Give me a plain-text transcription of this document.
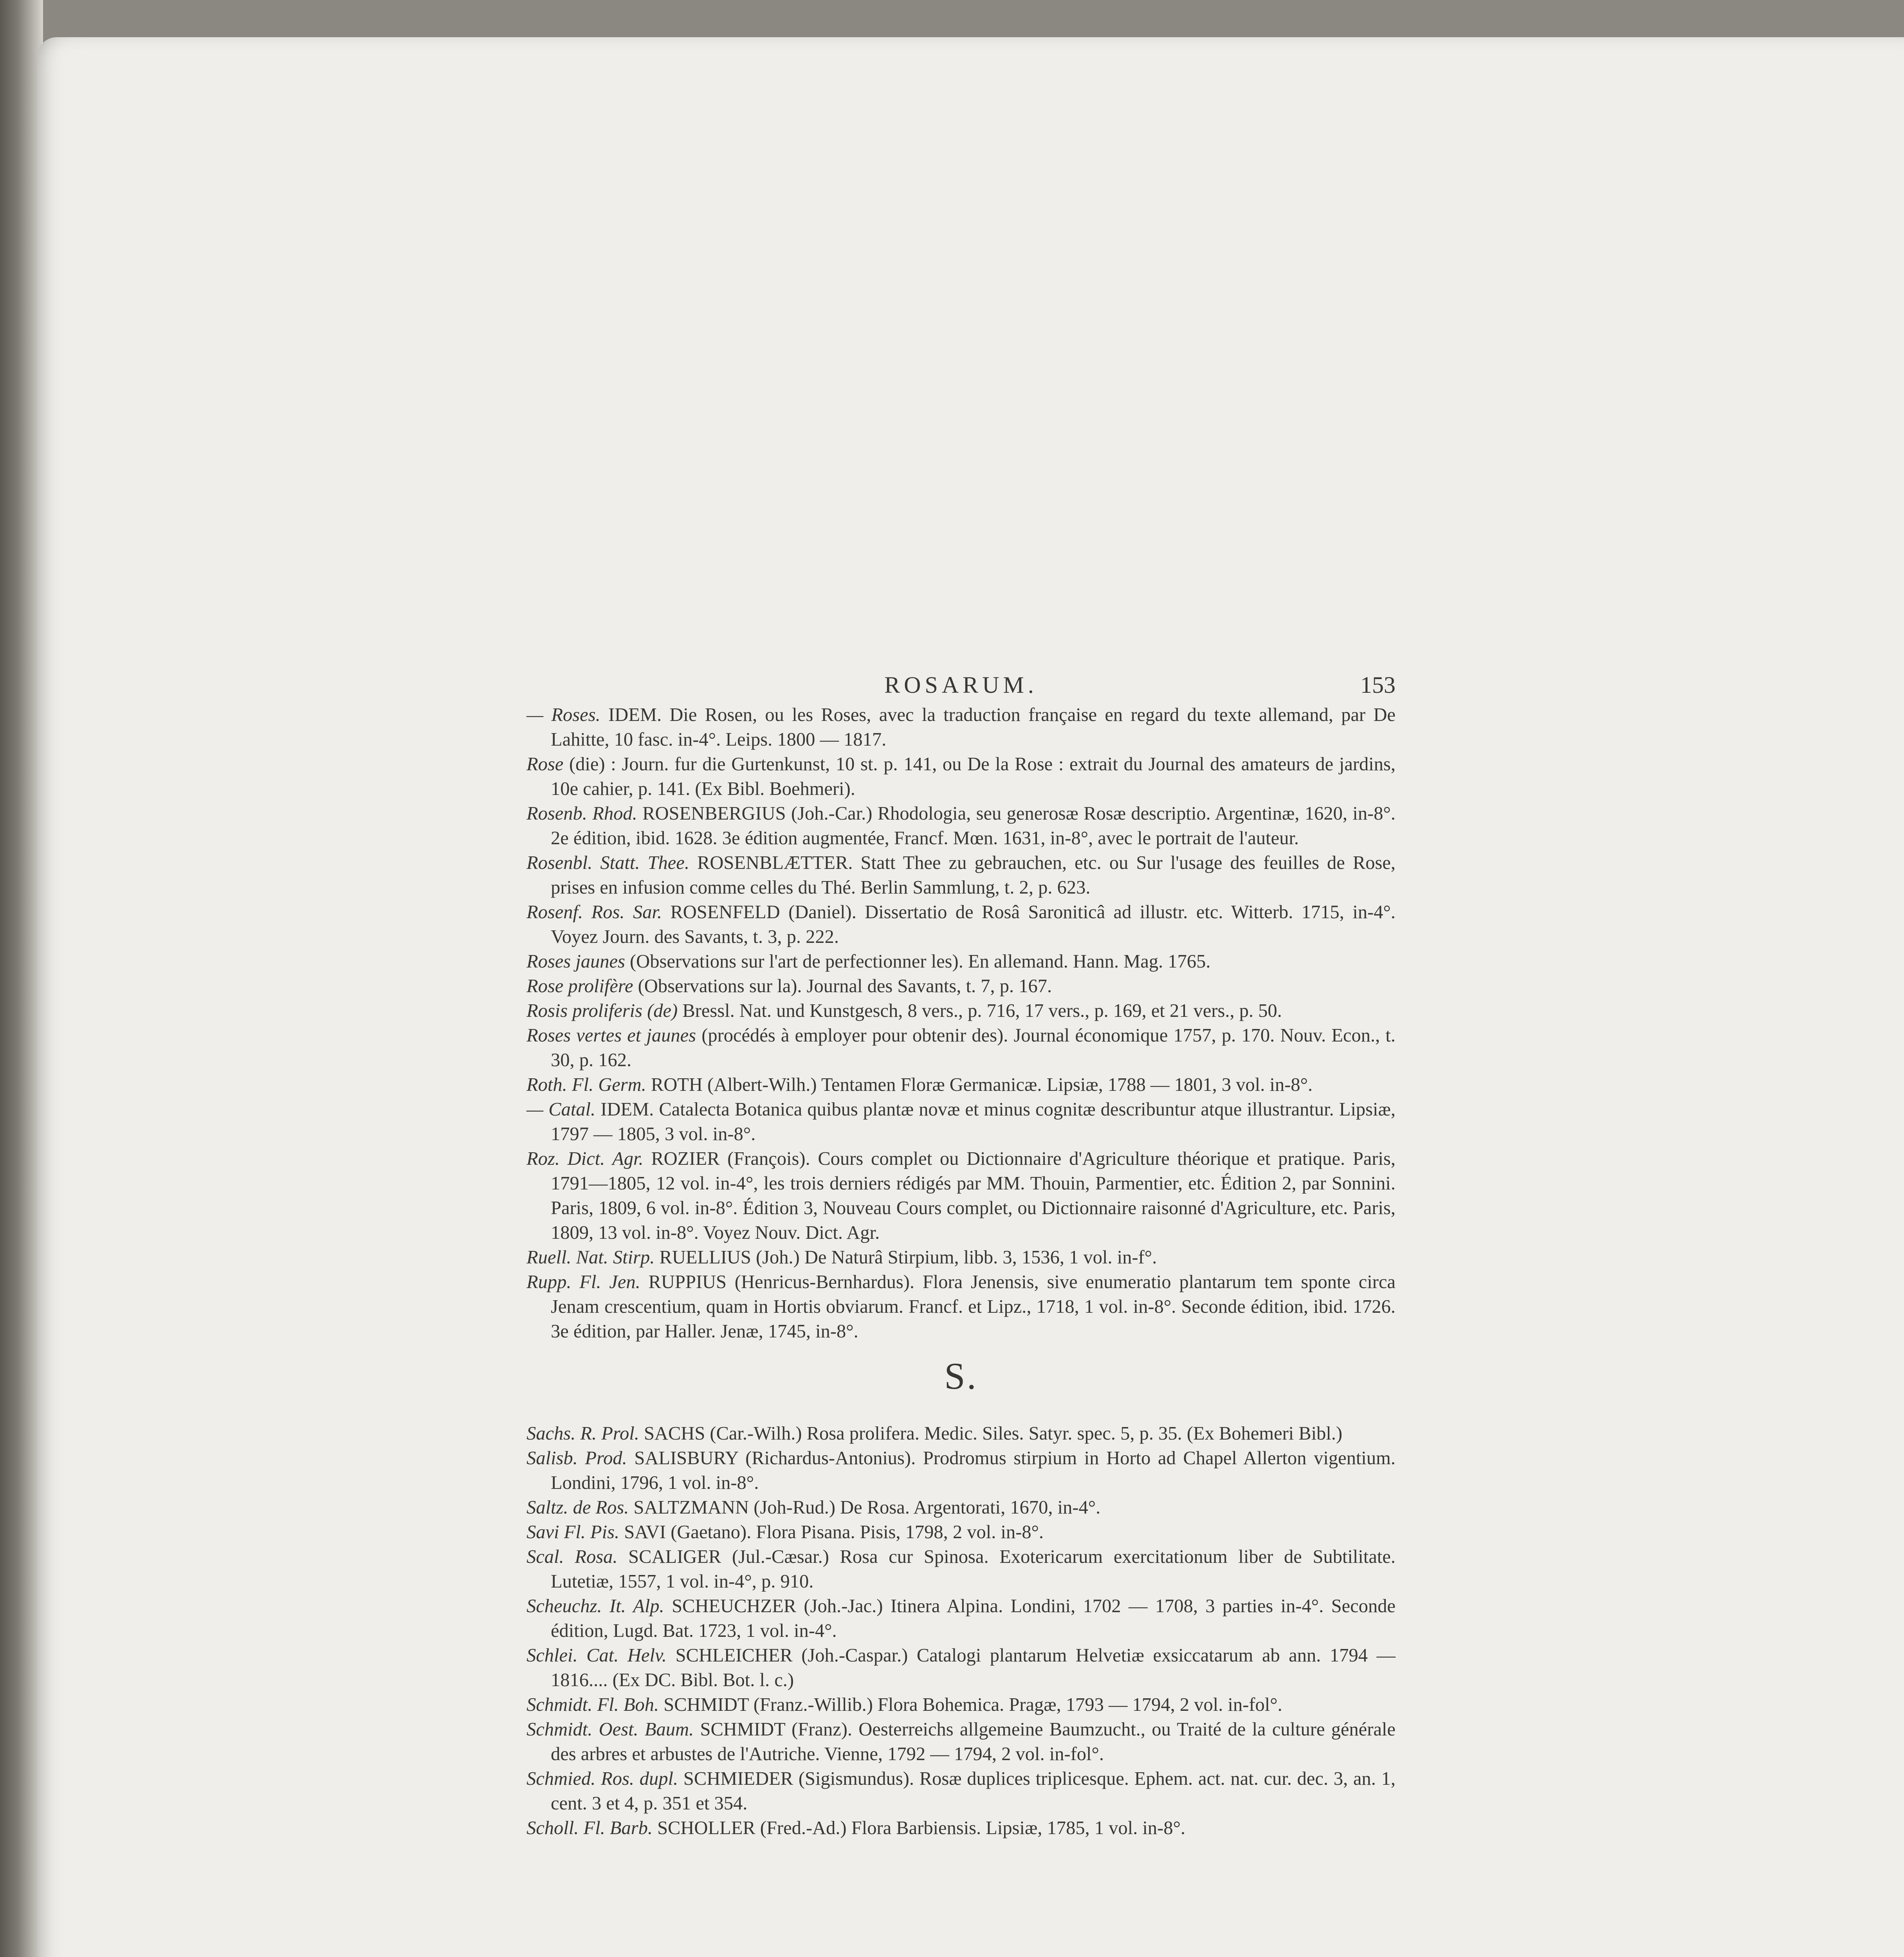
ROSARUM.	153

— Roses. IDEM. Die Rosen, ou les Roses, avec la traduction française en regard du texte allemand, par De Lahitte, 10 fasc. in-4°. Leips. 1800 — 1817.

Rose (die) : Journ. fur die Gurtenkunst, 10 st. p. 141, ou De la Rose : extrait du Journal des amateurs de jardins, 10e cahier, p. 141. (Ex Bibl. Boehmeri).

Rosenb. Rhod. ROSENBERGIUS (Joh.-Car.) Rhodologia, seu generosæ Rosæ descriptio. Argentinæ, 1620, in-8°. 2e édition, ibid. 1628. 3e édition augmentée, Francf. Mœn. 1631, in-8°, avec le portrait de l'auteur.

Rosenbl. Statt. Thee. ROSENBLÆTTER. Statt Thee zu gebrauchen, etc. ou Sur l'usage des feuilles de Rose, prises en infusion comme celles du Thé. Berlin Sammlung, t. 2, p. 623.

Rosenf. Ros. Sar. ROSENFELD (Daniel). Dissertatio de Rosâ Saroniticâ ad illustr. etc. Witterb. 1715, in-4°. Voyez Journ. des Savants, t. 3, p. 222.

Roses jaunes (Observations sur l'art de perfectionner les). En allemand. Hann. Mag. 1765.

Rose prolifère (Observations sur la). Journal des Savants, t. 7, p. 167.

Rosis proliferis (de) Bressl. Nat. und Kunstgesch, 8 vers., p. 716, 17 vers., p. 169, et 21 vers., p. 50.

Roses vertes et jaunes (procédés à employer pour obtenir des). Journal économique 1757, p. 170. Nouv. Econ., t. 30, p. 162.

Roth. Fl. Germ. ROTH (Albert-Wilh.) Tentamen Floræ Germanicæ. Lipsiæ, 1788 — 1801, 3 vol. in-8°.

— Catal. IDEM. Catalecta Botanica quibus plantæ novæ et minus cognitæ describuntur atque illustrantur. Lipsiæ, 1797 — 1805, 3 vol. in-8°.

Roz. Dict. Agr. ROZIER (François). Cours complet ou Dictionnaire d'Agriculture théorique et pratique. Paris, 1791—1805, 12 vol. in-4°, les trois derniers rédigés par MM. Thouin, Parmentier, etc. Édition 2, par Sonnini. Paris, 1809, 6 vol. in-8°. Édition 3, Nouveau Cours complet, ou Dictionnaire raisonné d'Agriculture, etc. Paris, 1809, 13 vol. in-8°. Voyez Nouv. Dict. Agr.

Ruell. Nat. Stirp. RUELLIUS (Joh.) De Naturâ Stirpium, libb. 3, 1536, 1 vol. in-f°.

Rupp. Fl. Jen. RUPPIUS (Henricus-Bernhardus). Flora Jenensis, sive enumeratio plantarum tem sponte circa Jenam crescentium, quam in Hortis obviarum. Francf. et Lipz., 1718, 1 vol. in-8°. Seconde édition, ibid. 1726. 3e édition, par Haller. Jenæ, 1745, in-8°.

S.

Sachs. R. Prol. SACHS (Car.-Wilh.) Rosa prolifera. Medic. Siles. Satyr. spec. 5, p. 35. (Ex Bohemeri Bibl.)

Salisb. Prod. SALISBURY (Richardus-Antonius). Prodromus stirpium in Horto ad Chapel Allerton vigentium. Londini, 1796, 1 vol. in-8°.

Saltz. de Ros. SALTZMANN (Joh-Rud.) De Rosa. Argentorati, 1670, in-4°.

Savi Fl. Pis. SAVI (Gaetano). Flora Pisana. Pisis, 1798, 2 vol. in-8°.

Scal. Rosa. SCALIGER (Jul.-Cæsar.) Rosa cur Spinosa. Exotericarum exercitationum liber de Subtilitate. Lutetiæ, 1557, 1 vol. in-4°, p. 910.

Scheuchz. It. Alp. SCHEUCHZER (Joh.-Jac.) Itinera Alpina. Londini, 1702 — 1708, 3 parties in-4°. Seconde édition, Lugd. Bat. 1723, 1 vol. in-4°.

Schlei. Cat. Helv. SCHLEICHER (Joh.-Caspar.) Catalogi plantarum Helvetiæ exsiccatarum ab ann. 1794 — 1816.... (Ex DC. Bibl. Bot. l. c.)

Schmidt. Fl. Boh. SCHMIDT (Franz.-Willib.) Flora Bohemica. Pragæ, 1793 — 1794, 2 vol. in-fol°.

Schmidt. Oest. Baum. SCHMIDT (Franz). Oesterreichs allgemeine Baumzucht., ou Traité de la culture générale des arbres et arbustes de l'Autriche. Vienne, 1792 — 1794, 2 vol. in-fol°.

Schmied. Ros. dupl. SCHMIEDER (Sigismundus). Rosæ duplices triplicesque. Ephem. act. nat. cur. dec. 3, an. 1, cent. 3 et 4, p. 351 et 354.

Scholl. Fl. Barb. SCHOLLER (Fred.-Ad.) Flora Barbiensis. Lipsiæ, 1785, 1 vol. in-8°.
